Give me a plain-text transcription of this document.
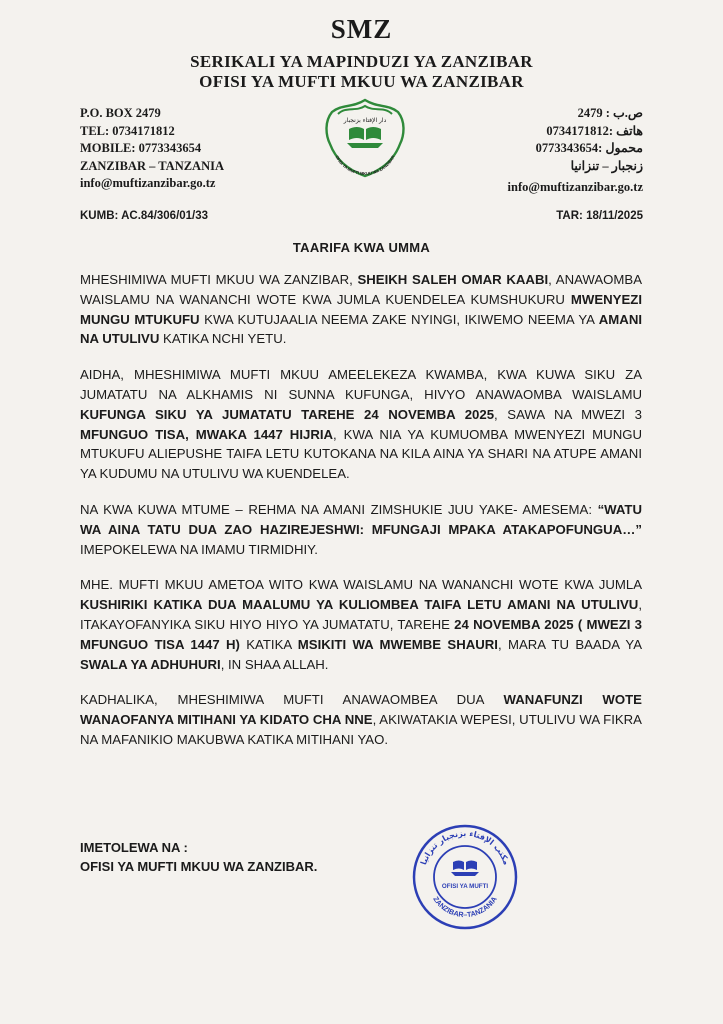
SMZ
SERIKALI YA MAPINDUZI YA ZANZIBAR
OFISI YA MUFTI MKUU WA ZANZIBAR
P.O. BOX 2479
TEL: 0734171812
MOBILE: 0773343654
ZANZIBAR – TANZANIA
info@muftizanzibar.go.tz
دار الإفتاء بزنجبار
OFISI YA MUFTI MKUU WA ZANZIBAR
ص.ب : 2479
هاتف :0734171812
محمول :0773343654
زنجبار – تنزانيا
info@muftizanzibar.go.tz
KUMB: AC.84/306/01/33	TAR: 18/11/2025
TAARIFA KWA UMMA

MHESHIMIWA MUFTI MKUU WA ZANZIBAR, SHEIKH SALEH OMAR KAABI, ANAWAOMBA WAISLAMU NA WANANCHI WOTE KWA JUMLA KUENDELEA KUMSHUKURU MWENYEZI MUNGU MTUKUFU KWA KUTUJAALIA NEEMA ZAKE NYINGI, IKIWEMO NEEMA YA AMANI NA UTULIVU KATIKA NCHI YETU.

AIDHA, MHESHIMIWA MUFTI MKUU AMEELEKEZA KWAMBA, KWA KUWA SIKU ZA JUMATATU NA ALKHAMIS NI SUNNA KUFUNGA, HIVYO ANAWAOMBA WAISLAMU KUFUNGA SIKU YA JUMATATU TAREHE 24 NOVEMBA 2025, SAWA NA MWEZI 3 MFUNGUO TISA, MWAKA 1447 HIJRIA, KWA NIA YA KUMUOMBA MWENYEZI MUNGU MTUKUFU ALIEPUSHE TAIFA LETU KUTOKANA NA KILA AINA YA SHARI NA ATUPE AMANI YA KUDUMU NA UTULIVU WA KUENDELEA.

NA KWA KUWA MTUME – REHMA NA AMANI ZIMSHUKIE JUU YAKE- AMESEMA: “WATU WA AINA TATU DUA ZAO HAZIREJESHWI: MFUNGAJI MPAKA ATAKAPOFUNGUA…” IMEPOKELEWA NA IMAMU TIRMIDHIY.

MHE. MUFTI MKUU AMETOA WITO KWA WAISLAMU NA WANANCHI WOTE KWA JUMLA KUSHIRIKI KATIKA DUA MAALUMU YA KULIOMBEA TAIFA LETU AMANI NA UTULIVU, ITAKAYOFANYIKA SIKU HIYO HIYO YA JUMATATU, TAREHE 24 NOVEMBA 2025 ( MWEZI 3 MFUNGUO TISA 1447 H) KATIKA MSIKITI WA MWEMBE SHAURI, MARA TU BAADA YA SWALA YA ADHUHURI, IN SHAA ALLAH.

KADHALIKA, MHESHIMIWA MUFTI ANAWAOMBEA DUA WANAFUNZI WOTE WANAOFANYA MITIHANI YA KIDATO CHA NNE, AKIWATAKIA WEPESI, UTULIVU WA FIKRA NA MAFANIKIO MAKUBWA KATIKA MITIHANI YAO.

IMETOLEWA NA :
OFISI YA MUFTI MKUU WA ZANZIBAR.	مكتب الإفتاء بزنجبار تنزانيا
ZANZIBAR–TANZANIA
OFISI YA MUFTI
